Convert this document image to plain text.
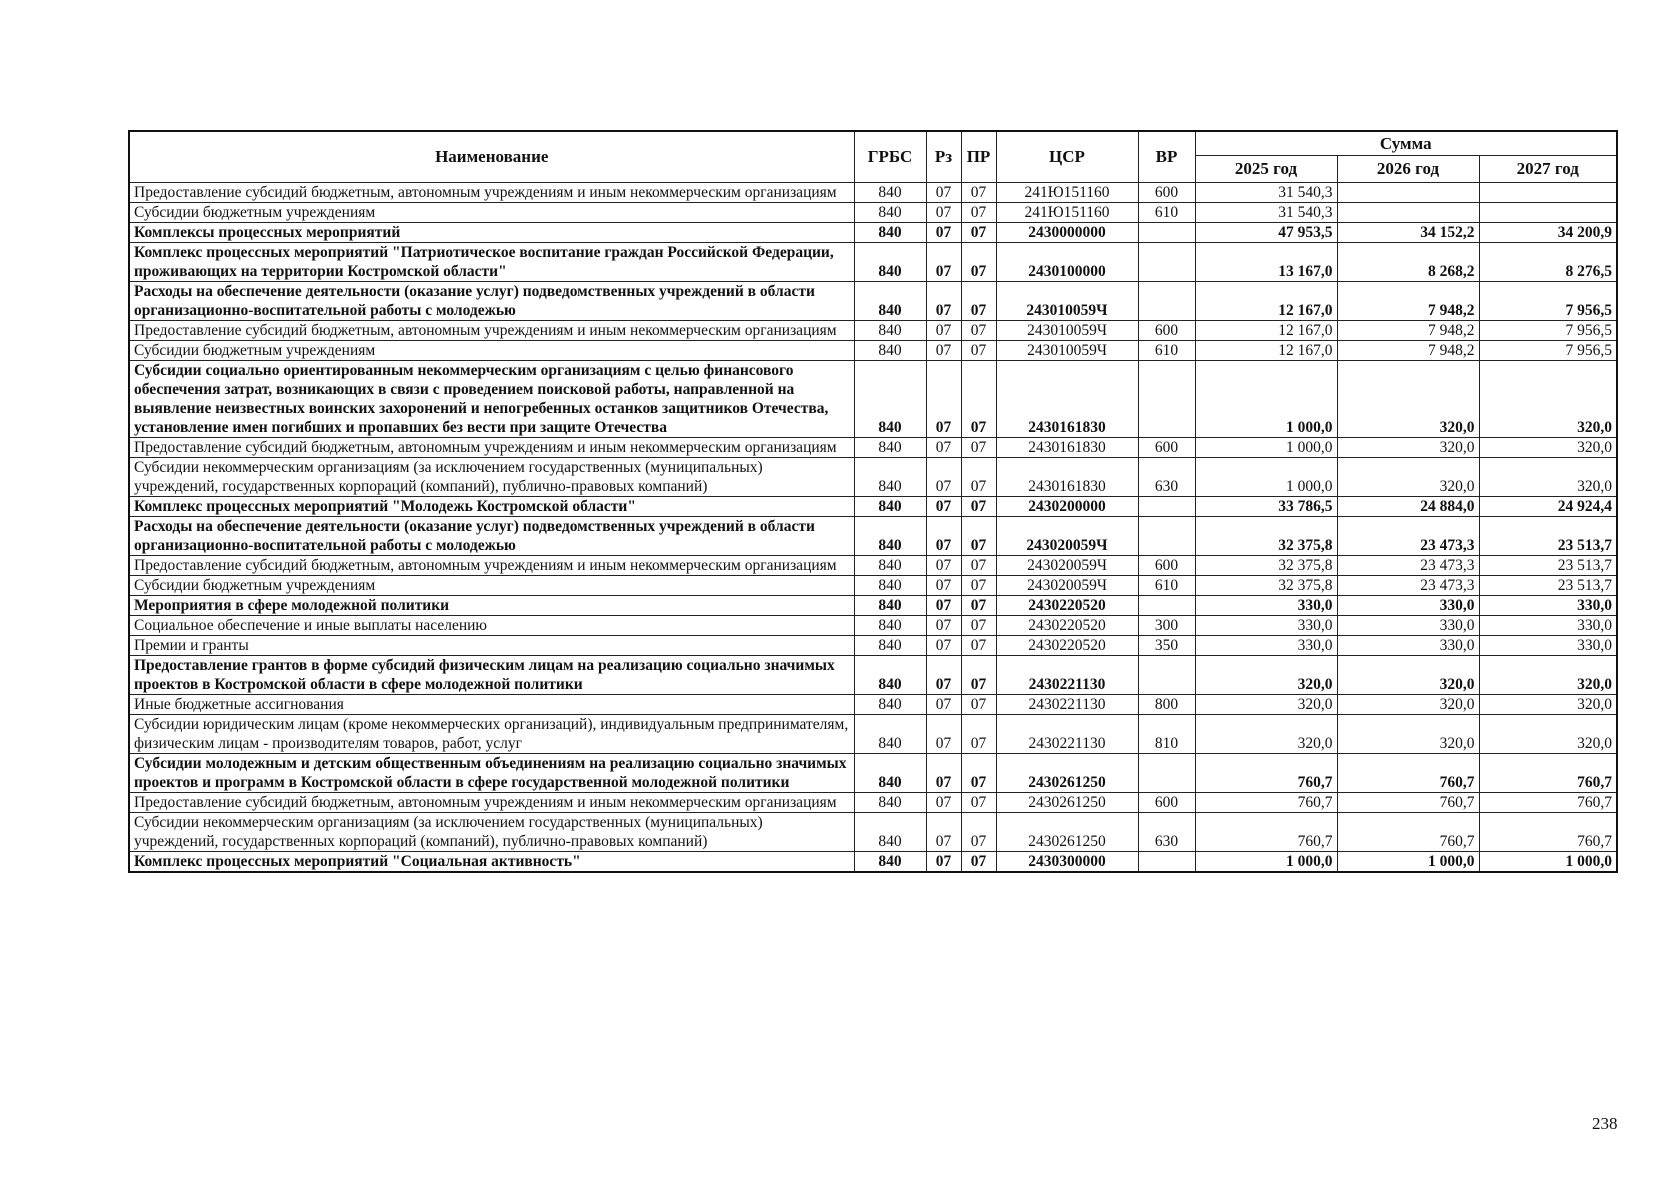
Наименование	ГРБС	Рз	ПР	ЦСР	ВР	Сумма		
						2025 год	2026 год	2027 год
Предоставление субсидий бюджетным, автономным учреждениям и иным некоммерческим организациям	840	07	07	241Ю151160	600	31 540,3		
Субсидии бюджетным учреждениям	840	07	07	241Ю151160	610	31 540,3		
Комплексы процессных мероприятий	840	07	07	2430000000		47 953,5	34 152,2	34 200,9
Комплекс процессных мероприятий "Патриотическое воспитание граждан Российской Федерации, проживающих на территории Костромской области"	840	07	07	2430100000		13 167,0	8 268,2	8 276,5
Расходы на обеспечение деятельности (оказание услуг) подведомственных учреждений в области организационно-воспитательной работы с молодежью	840	07	07	243010059Ч		12 167,0	7 948,2	7 956,5
Предоставление субсидий бюджетным, автономным учреждениям и иным некоммерческим организациям	840	07	07	243010059Ч	600	12 167,0	7 948,2	7 956,5
Субсидии бюджетным учреждениям	840	07	07	243010059Ч	610	12 167,0	7 948,2	7 956,5
Субсидии социально ориентированным некоммерческим организациям с целью финансового обеспечения затрат, возникающих в связи с проведением поисковой работы, направленной на выявление неизвестных воинских захоронений и непогребенных останков защитников Отечества, установление имен погибших и пропавших без вести при защите Отечества	840	07	07	2430161830		1 000,0	320,0	320,0
Предоставление субсидий бюджетным, автономным учреждениям и иным некоммерческим организациям	840	07	07	2430161830	600	1 000,0	320,0	320,0
Субсидии некоммерческим организациям (за исключением государственных (муниципальных) учреждений, государственных корпораций (компаний), публично-правовых компаний)	840	07	07	2430161830	630	1 000,0	320,0	320,0
Комплекс процессных мероприятий "Молодежь Костромской области"	840	07	07	2430200000		33 786,5	24 884,0	24 924,4
Расходы на обеспечение деятельности (оказание услуг) подведомственных учреждений в области организационно-воспитательной работы с молодежью	840	07	07	243020059Ч		32 375,8	23 473,3	23 513,7
Предоставление субсидий бюджетным, автономным учреждениям и иным некоммерческим организациям	840	07	07	243020059Ч	600	32 375,8	23 473,3	23 513,7
Субсидии бюджетным учреждениям	840	07	07	243020059Ч	610	32 375,8	23 473,3	23 513,7
Мероприятия в сфере молодежной политики	840	07	07	2430220520		330,0	330,0	330,0
Социальное обеспечение и иные выплаты населению	840	07	07	2430220520	300	330,0	330,0	330,0
Премии и гранты	840	07	07	2430220520	350	330,0	330,0	330,0
Предоставление грантов в форме субсидий физическим лицам на реализацию социально значимых проектов в Костромской области в сфере молодежной политики	840	07	07	2430221130		320,0	320,0	320,0
Иные бюджетные ассигнования	840	07	07	2430221130	800	320,0	320,0	320,0
Субсидии юридическим лицам (кроме некоммерческих организаций), индивидуальным предпринимателям, физическим лицам - производителям товаров, работ, услуг	840	07	07	2430221130	810	320,0	320,0	320,0
Субсидии молодежным и детским общественным объединениям на реализацию социально значимых проектов и программ в Костромской области в сфере государственной молодежной политики	840	07	07	2430261250		760,7	760,7	760,7
Предоставление субсидий бюджетным, автономным учреждениям и иным некоммерческим организациям	840	07	07	2430261250	600	760,7	760,7	760,7
Субсидии некоммерческим организациям (за исключением государственных (муниципальных) учреждений, государственных корпораций (компаний), публично-правовых компаний)	840	07	07	2430261250	630	760,7	760,7	760,7
Комплекс процессных мероприятий "Социальная активность"	840	07	07	2430300000		1 000,0	1 000,0	1 000,0
238
